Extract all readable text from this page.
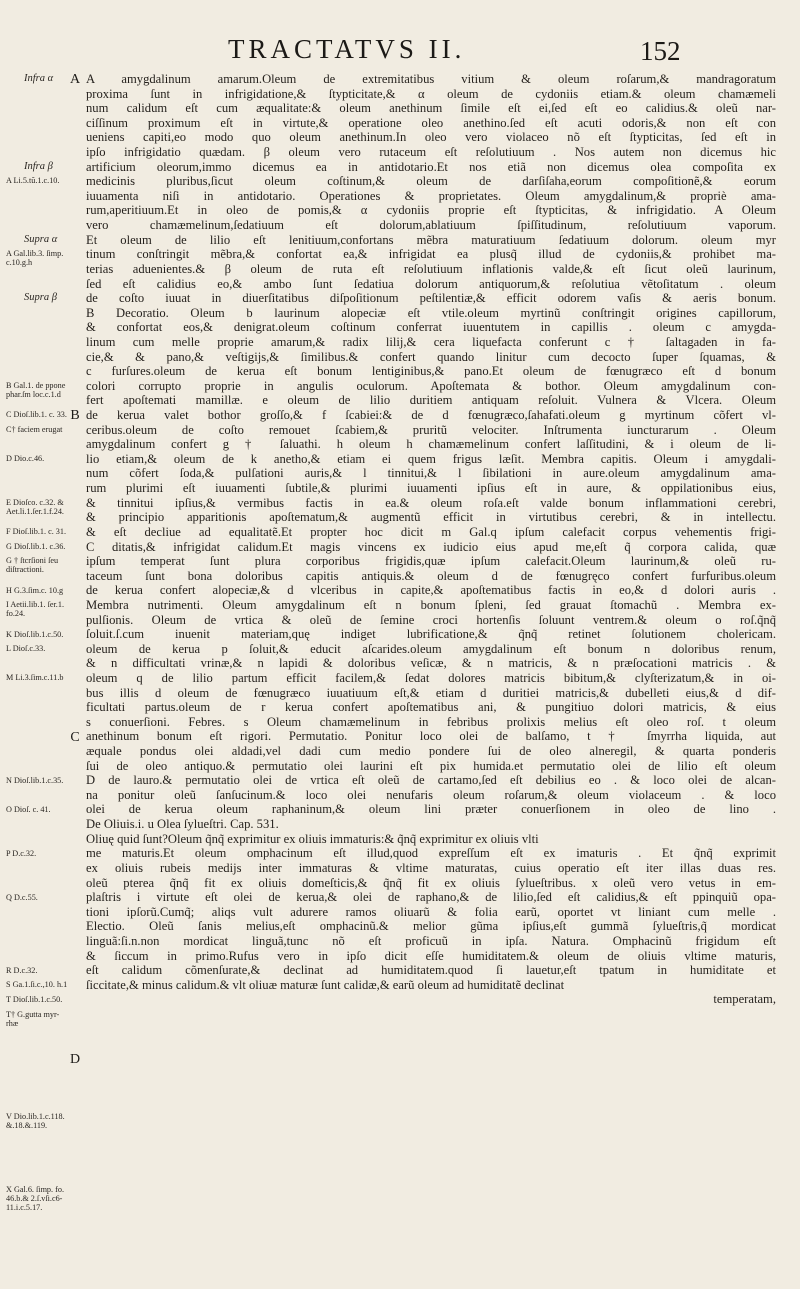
TRACTATVS II.	152
Infra α
Infra β
A Li.5.tũ.1.c.10.
Supra α
A Gal.lib.3. ſimp.
c.10.g.h
Supra β
B Gal.1. de ppone
phar.ſm loc.c.1.d
C Dioſ.lib.1. c. 33.
C† faciem erugat
D Dio.c.46.
E Dioſco. c.32. &
Aet.li.1.ſer.1.f.24.
F Dioſ.lib.1. c. 31.
G Dioſ.lib.1. c.36.
G † ſtcrſioni ſeu
diſtractioni.
H G.3.ſim.c. 10.g
I Aetii.lib.1. ſer.1.
fo.24.
K Dioſ.lib.1.c.50.
L Dioſ.c.33.
M Li.3.ſim.c.11.b
N Dioſ.lib.1.c.35.
O Dioſ. c. 41.
P D.c.32.
Q D.c.55.
R D.c.32.
S Ga.1.ſi.c.,10. h.1
T Dioſ.lib.1.c.50.
T† G.gutta myr-
rhæ
V Dio.lib.1.c.118.
&.18.&.119.
X Gal.6. ſimp. fo.
46.b.& 2.ſ.vſi.c6-
11.i.c.5.17.
A
B
C
D
A amygdalinum amarum.Oleum de extremitatibus vitium & oleum roſarum,& mandragoratum
proxima ſunt in infrigidatione,& ſtypticitate,& α oleum de cydoniis etiam.& oleum chamæmeli
num calidum eſt cum æqualitate:& oleum anethinum ſimile eſt ei,ſed eſt eo calidius.& oleũ nar-
ciſſinum proximum eſt in virtute,& operatione oleo anethino.ſed eſt acuti odoris,& non eſt con
ueniens capiti,eo modo quo oleum anethinum.In oleo vero violaceo nõ eſt ſtypticitas, ſed eſt in
ipſo infrigidatio quædam. β oleum vero rutaceum eſt reſolutiuum . Nos autem non dicemus hic
artificium oleorum,immo dicemus ea in antidotario.Et nos etiã non dicemus olea compoſita ex
medicinis pluribus,ſicut oleum coſtinum,& oleum de darſiſaha,eorum compoſitionẽ,& eorum
iuuamenta niſi in antidotario. Operationes & proprietates. Oleum amygdalinum,& propriè ama-
rum,aperitiuum.Et in oleo de pomis,& α cydoniis proprie eſt ſtypticitas, & infrigidatio. A Oleum
vero chamæmelinum,ſedatiuum eſt dolorum,ablatiuum ſpiſſitudinum, reſolutiuum vaporum.
Et oleum de lilio eſt lenitiuum,confortans mẽbra maturatiuum ſedatiuum dolorum. oleum myr
tinum conſtringit mẽbra,& confortat ea,& infrigidat ea plusq̃ illud de cydoniis,& prohibet ma-
terias aduenientes.& β oleum de ruta eſt reſolutiuum inflationis valde,& eſt ſicut oleũ laurinum,
ſed eſt calidius eo,& ambo ſunt ſedatiua dolorum antiquorum,& reſolutiua vẽtoſitatum . oleum
de coſto iuuat in diuerſitatibus diſpoſitionum peſtilentiæ,& efficit odorem vaſis & aeris bonum.
B Decoratio. Oleum b laurinum alopeciæ eſt vtile.oleum myrtinũ conſtringit origines capillorum,
& confortat eos,& denigrat.oleum coſtinum conferrat iuuentutem in capillis . oleum c amygda-
linum cum melle proprie amarum,& radix lilij,& cera liquefacta conferunt c † ſaltagaden in fa-
cie,& & pano,& veſtigijs,& ſimilibus.& confert quando linitur cum decocto ſuper ſquamas, &
c furſures.oleum de kerua eſt bonum lentiginibus,& pano.Et oleum de fœnugræco eſt d bonum
colori corrupto proprie in angulis oculorum. Apoſtemata & bothor. Oleum amygdalinum con-
fert apoſtemati mamillæ. e oleum de lilio duritiem antiquam reſoluit. Vulnera & Vlcera. Oleum
de kerua valet bothor groſſo,& f ſcabiei:& de d fœnugræco,ſahafati.oleum g myrtinum cõfert vl-
ceribus.oleum de coſto remouet ſcabiem,& pruritũ velociter. Inſtrumenta iuncturarum . Oleum
amygdalinum confert g † ſaluathi. h oleum h chamæmelinum confert laſſitudini, & i oleum de li-
lio etiam,& oleum de k anetho,& etiam ei quem frigus læſit. Membra capitis. Oleum i amygdali-
num cõfert ſoda,& pulſationi auris,& l tinnitui,& l ſibilationi in aure.oleum amygdalinum ama-
rum plurimi eſt iuuamenti ſubtile,& plurimi iuuamenti ipſius eſt in aure, & oppilationibus eius,
& tinnitui ipſius,& vermibus factis in ea.& oleum roſa.eſt valde bonum inflammationi cerebri,
& principio apparitionis apoſtematum,& augmentũ efficit in virtutibus cerebri, & in intellectu.
& eſt decliue ad equalitatẽ.Et propter hoc dicit m Gal.q ipſum calefacit corpus vehementis frigi-
C ditatis,& infrigidat calidum.Et magis vincens ex iudicio eius apud me,eſt q̃ corpora calida, quæ
ipſum temperat ſunt plura corporibus frigidis,quæ ipſum calefacit.Oleum laurinum,& oleũ ru-
taceum ſunt bona doloribus capitis antiquis.& oleum d de fœnugręco confert furfuribus.oleum
de kerua confert alopeciæ,& d vlceribus in capite,& apoſtematibus factis in eo,& d dolori auris .
Membra nutrimenti. Oleum amygdalinum eſt n bonum ſpleni, ſed grauat ſtomachũ . Membra ex-
pulſionis. Oleum de vrtica & oleũ de ſemine croci hortenſis ſoluunt ventrem.& oleum o roſ.q̃nq̃
ſoluit.ſ.cum inuenit materiam,quę indiget lubrificatione,& q̃nq̃ retinet ſolutionem cholericam.
oleum de kerua p ſoluit,& educit aſcarides.oleum amygdalinum eſt bonum n doloribus renum,
& n difficultati vrinæ,& n lapidi & doloribus veſicæ, & n matricis, & n præſocationi matricis . &
oleum q de lilio partum efficit facilem,& ſedat dolores matricis bibitum,& clyſterizatum,& in oi-
bus illis d oleum de fœnugræco iuuatiuum eſt,& etiam d duritiei matricis,& dubelleti eius,& d dif-
ficultati partus.oleum de r kerua confert apoſtematibus ani, & pungitiuo dolori matricis, & eius
s conuerſioni. Febres. s Oleum chamæmelinum in febribus prolixis melius eſt oleo roſ. t oleum
anethinum bonum eſt rigori. Permutatio. Ponitur loco olei de balſamo, t † ſmyrrha liquida, aut
æquale pondus olei aldadi,vel dadi cum medio pondere ſui de oleo alneregil, & quarta ponderis
ſui de oleo antiquo.& permutatio olei laurini eſt pix humida.et permutatio olei de lilio eſt oleum
D de lauro.& permutatio olei de vrtica eſt oleũ de cartamo,ſed eſt debilius eo . & loco olei de alcan-
na ponitur oleũ ſanſucinum.& loco olei nenufaris oleum roſarum,& oleum violaceum . & loco
olei de kerua oleum raphaninum,& oleum lini præter conuerſionem in oleo de lino .
De Oliuis.i. u Olea ſylueſtri. Cap. 531.
Oliuę quid ſunt?Oleum q̃nq̃ exprimitur ex oliuis immaturis:& q̃nq̃ exprimitur ex oliuis vlti
me maturis.Et oleum omphacinum eſt illud,quod expreſſum eſt ex imaturis . Et q̃nq̃ exprimit
ex oliuis rubeis medijs inter immaturas & vltime maturatas, cuius operatio eſt iter illas duas res.
oleũ pterea q̃nq̃ fit ex oliuis domeſticis,& q̃nq̃ fit ex oliuis ſylueſtribus. x oleũ vero vetus in em-
plaſtris i virtute eſt olei de kerua,& olei de raphano,& de lilio,ſed eſt calidius,& eſt ppinquiũ opa-
tioni ipſorũ.Cumq̃; aliqs vult adurere ramos oliuarũ & folia earũ, oportet vt liniant cum melle .
Electio. Oleũ ſanis melius,eſt omphacinũ.& melior gũma ipſius,eſt gummã ſylueſtris,q̃ mordicat
linguã:ſi.n.non mordicat linguã,tunc nõ eſt proficuũ in ipſa. Natura. Omphacinũ frigidum eſt
& ſiccum in primo.Rufus vero in ipſo dicit eſſe humiditatem.& oleum de oliuis vltime maturis,
eſt calidum cõmenſurate,& declinat ad humiditatem.quod ſi lauetur,eſt tpatum in humiditate et
ſiccitate,& minus calidum.& vlt oliuæ maturæ ſunt calidæ,& earũ oleum ad humiditatẽ declinat
temperatam,
